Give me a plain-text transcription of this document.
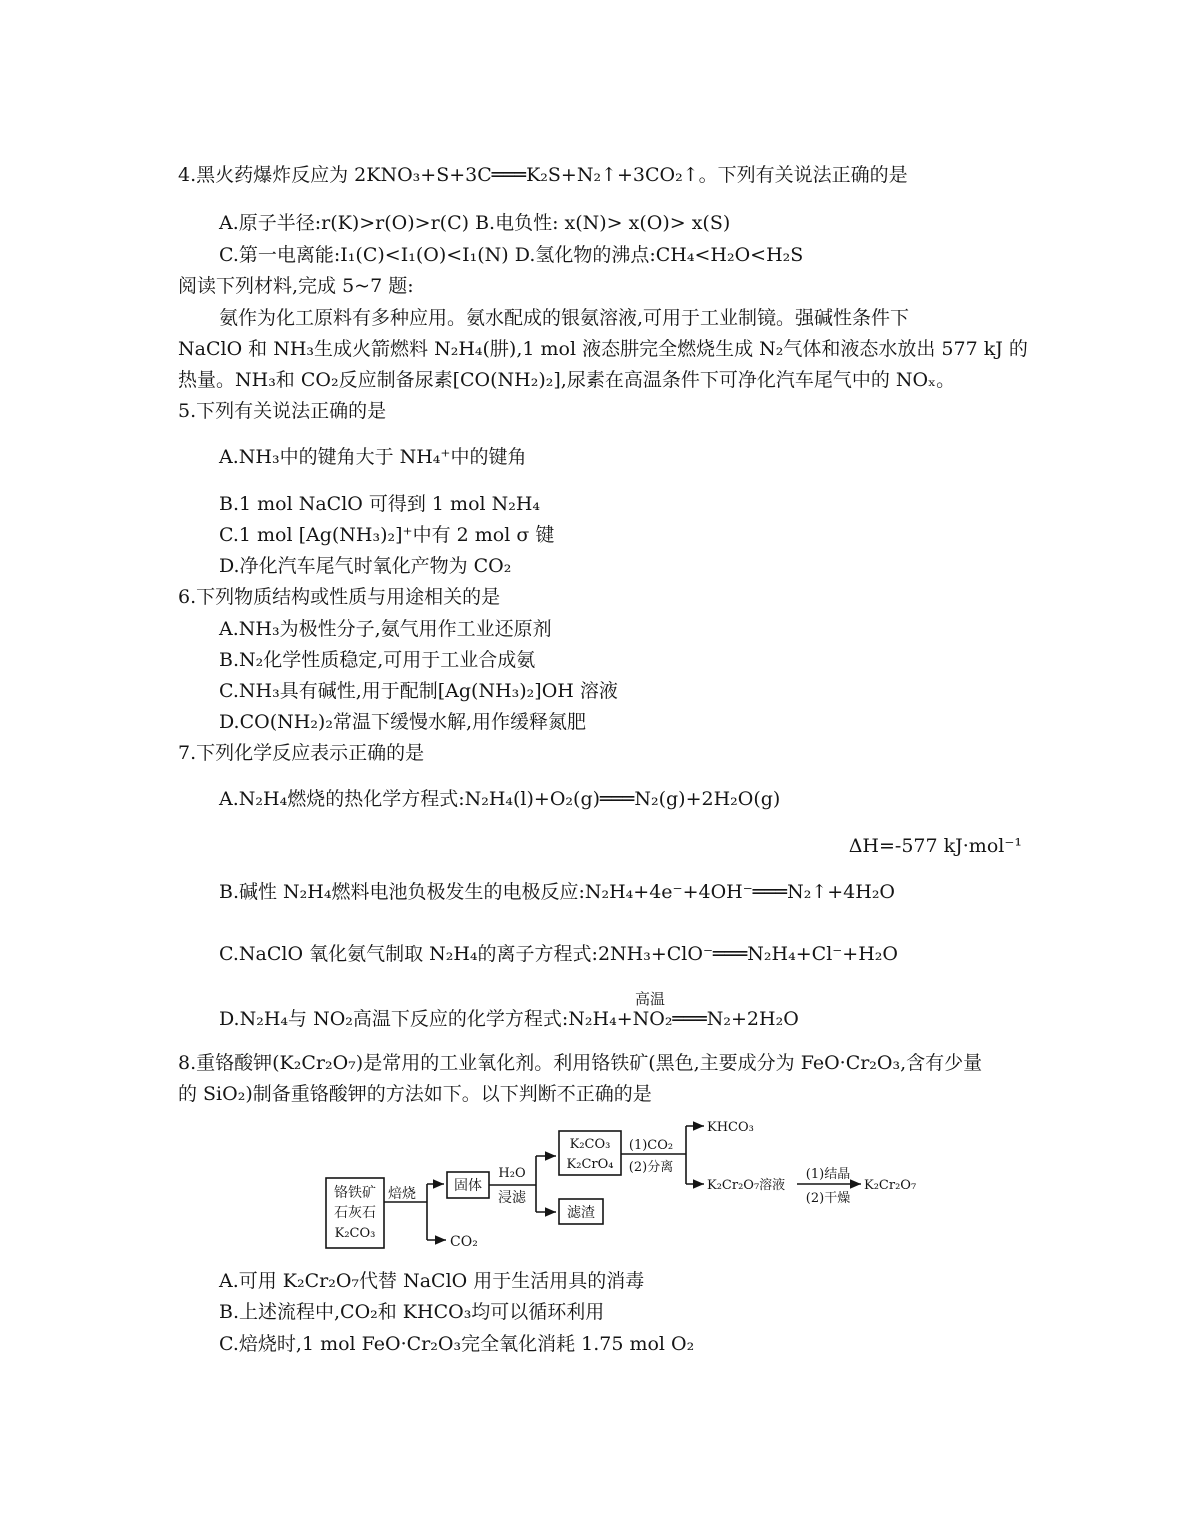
4.黑火药爆炸反应为 2KNO₃+S+3C═══K₂S+N₂↑+3CO₂↑。下列有关说法正确的是
A.原子半径:r(K)>r(O)>r(C) B.电负性: x(N)> x(O)> x(S)
C.第一电离能:I₁(C)<I₁(O)<I₁(N) D.氢化物的沸点:CH₄<H₂O<H₂S
阅读下列材料,完成 5~7 题:
氨作为化工原料有多种应用。氨水配成的银氨溶液,可用于工业制镜。强碱性条件下
NaClO 和 NH₃生成火箭燃料 N₂H₄(肼),1 mol 液态肼完全燃烧生成 N₂气体和液态水放出 577 kJ 的
热量。NH₃和 CO₂反应制备尿素[CO(NH₂)₂],尿素在高温条件下可净化汽车尾气中的 NOₓ。
5.下列有关说法正确的是
A.NH₃中的键角大于 NH₄⁺中的键角
B.1 mol NaClO 可得到 1 mol N₂H₄
C.1 mol [Ag(NH₃)₂]⁺中有 2 mol σ 键
D.净化汽车尾气时氧化产物为 CO₂
6.下列物质结构或性质与用途相关的是
A.NH₃为极性分子,氨气用作工业还原剂
B.N₂化学性质稳定,可用于工业合成氨
C.NH₃具有碱性,用于配制[Ag(NH₃)₂]OH 溶液
D.CO(NH₂)₂常温下缓慢水解,用作缓释氮肥
7.下列化学反应表示正确的是
A.N₂H₄燃烧的热化学方程式:N₂H₄(l)+O₂(g)═══N₂(g)+2H₂O(g)
ΔH=-577 kJ·mol⁻¹
B.碱性 N₂H₄燃料电池负极发生的电极反应:N₂H₄+4e⁻+4OH⁻═══N₂↑+4H₂O
C.NaClO 氧化氨气制取 N₂H₄的离子方程式:2NH₃+ClO⁻═══N₂H₄+Cl⁻+H₂O
高温
D.N₂H₄与 NO₂高温下反应的化学方程式:N₂H₄+NO₂═══N₂+2H₂O
8.重铬酸钾(K₂Cr₂O₇)是常用的工业氧化剂。利用铬铁矿(黑色,主要成分为 FeO·Cr₂O₃,含有少量
的 SiO₂)制备重铬酸钾的方法如下。以下判断不正确的是
铬铁矿
石灰石
K₂CO₃
焙烧
CO₂
固体
H₂O
浸滤
滤渣
K₂CO₃
K₂CrO₄
(1)CO₂
(2)分离
KHCO₃
K₂Cr₂O₇溶液
(1)结晶
(2)干燥
K₂Cr₂O₇
A.可用 K₂Cr₂O₇代替 NaClO 用于生活用具的消毒
B.上述流程中,CO₂和 KHCO₃均可以循环利用
C.焙烧时,1 mol FeO·Cr₂O₃完全氧化消耗 1.75 mol O₂
